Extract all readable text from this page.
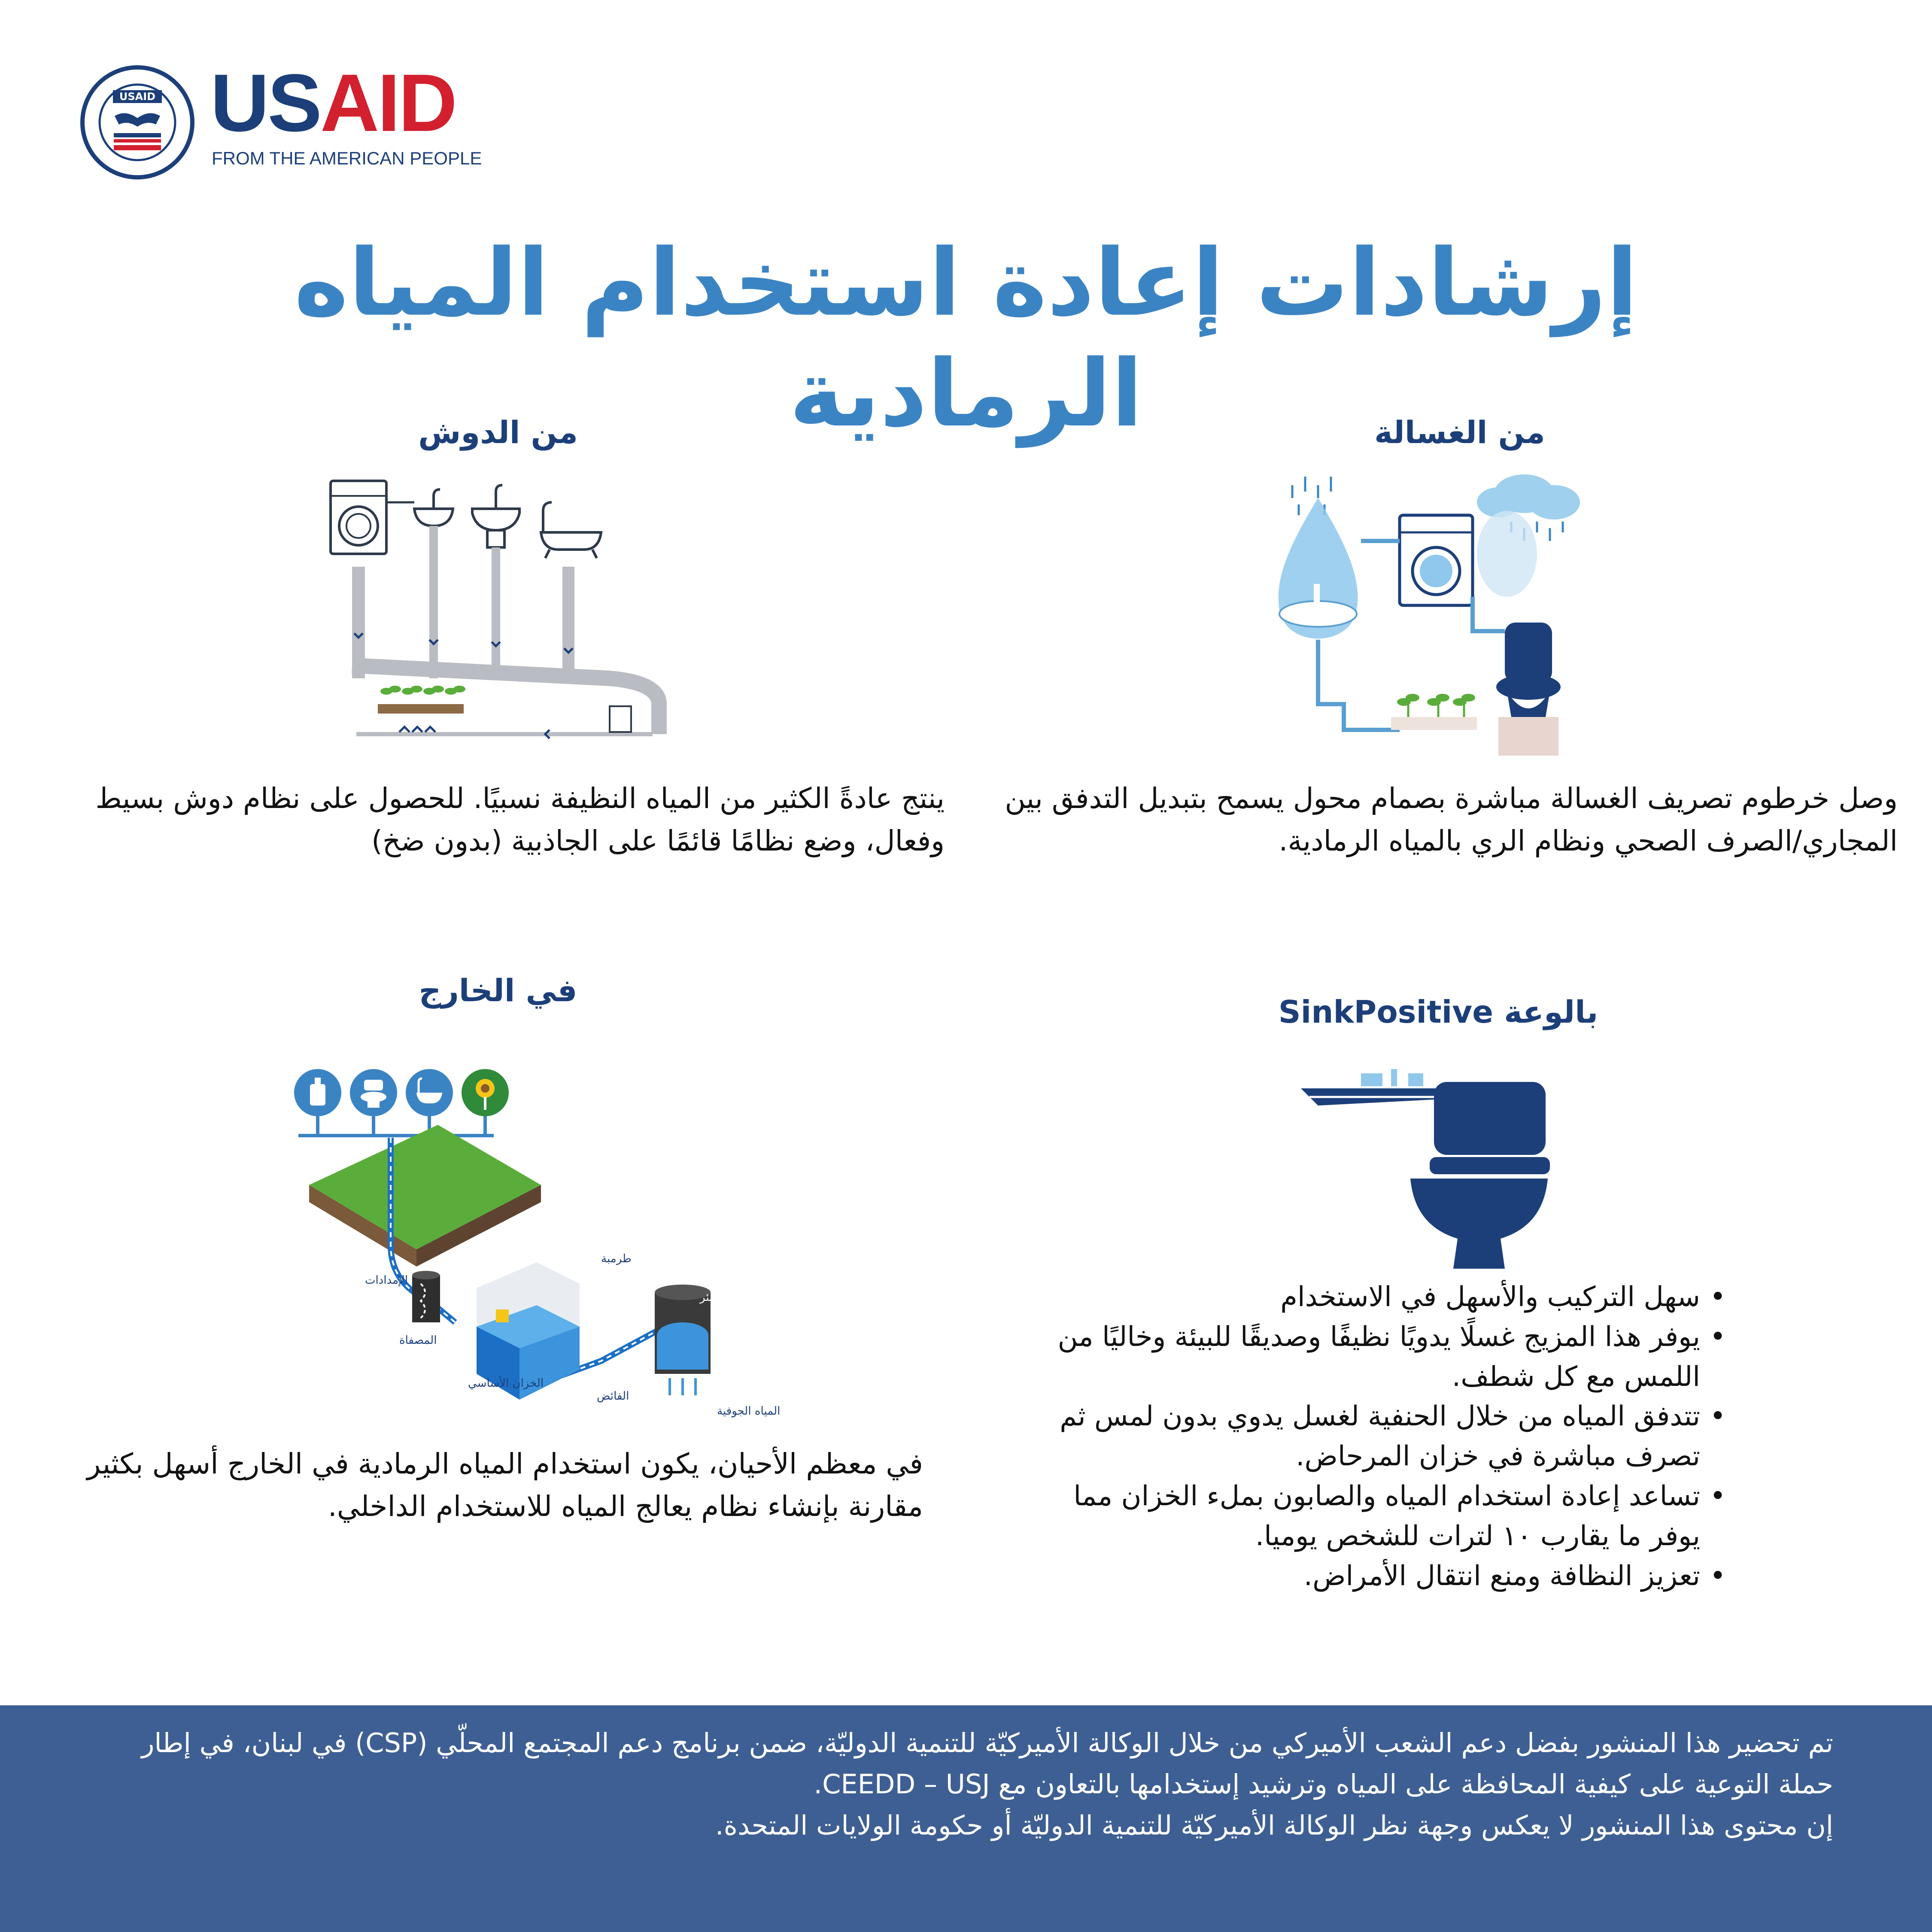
USAID USAID
FROM THE AMERICAN PEOPLE
إرشادات إعادة استخدام المياه الرمادية	من الغسالة
وصل خرطوم تصريف الغسالة مباشرة بصمام محول يسمح بتبديل التدفق بين المجاري/الصرف الصحي ونظام الري بالمياه الرمادية.
من الدوش
ينتج عادةً الكثير من المياه النظيفة نسبيًا. للحصول على نظام دوش بسيط وفعال، وضع نظامًا قائمًا على الجاذبية (بدون ضخ)
في الخارج
الإمدادات
المصفاة
الخزان الأساسي
طرمبة
الفائض
البئر
المياه الجوفية
في معظم الأحيان، يكون استخدام المياه الرمادية في الخارج أسهل بكثير مقارنة بإنشاء نظام يعالج المياه للاستخدام الداخلي.
بالوعة SinkPositive
• سهل التركيب والأسهل في الاستخدام
• يوفر هذا المزيج غسلًا يدويًا نظيفًا وصديقًا للبيئة وخاليًا من اللمس مع كل شطف.
• تتدفق المياه من خلال الحنفية لغسل يدوي بدون لمس ثم تصرف مباشرة في خزان المرحاض.
• تساعد إعادة استخدام المياه والصابون بملء الخزان مما يوفر ما يقارب ١٠ لترات للشخص يوميا.
• تعزيز النظافة ومنع انتقال الأمراض.
تم تحضير هذا المنشور بفضل دعم الشعب الأميركي من خلال الوكالة الأميركيّة للتنمية الدوليّة، ضمن برنامج دعم المجتمع المحلّي (CSP) في لبنان، في إطار حملة التوعية على كيفية المحافظة على المياه وترشيد إستخدامها بالتعاون مع CEEDD – USJ.
إن محتوى هذا المنشور لا يعكس وجهة نظر الوكالة الأميركيّة للتنمية الدوليّة أو حكومة الولايات المتحدة.
